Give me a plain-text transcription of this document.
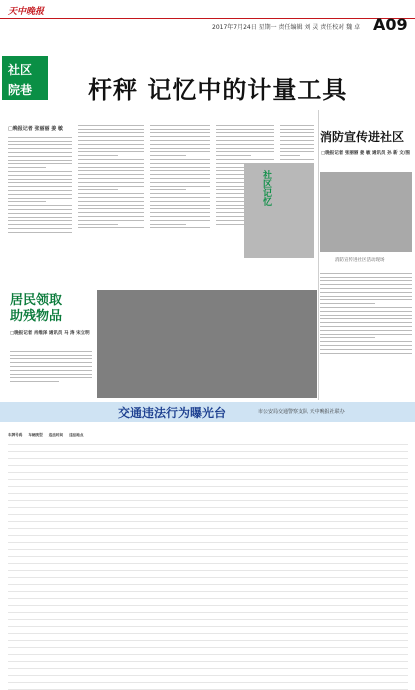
天中晚报
2017年7月24日 星期一 责任编辑 刘 灵 责任校对 魏 卓 A09
社区
院巷 杆秤 记忆中的计量工具
□晚报记者 张丽丽 姜 敏
社区记忆
消防宣传进社区
□晚报记者 张丽丽 姜 敏 通讯员 孙 新 文/图
消防宣传进社区活动现场
居民领取
助残物品
□晚报记者 肖维泽 通讯员 马 涛 宋立明
交通违法行为曝光台	市公安局交通警察支队 天中晚报社联办
车牌号码 车辆类型 违法时间 违法地点
